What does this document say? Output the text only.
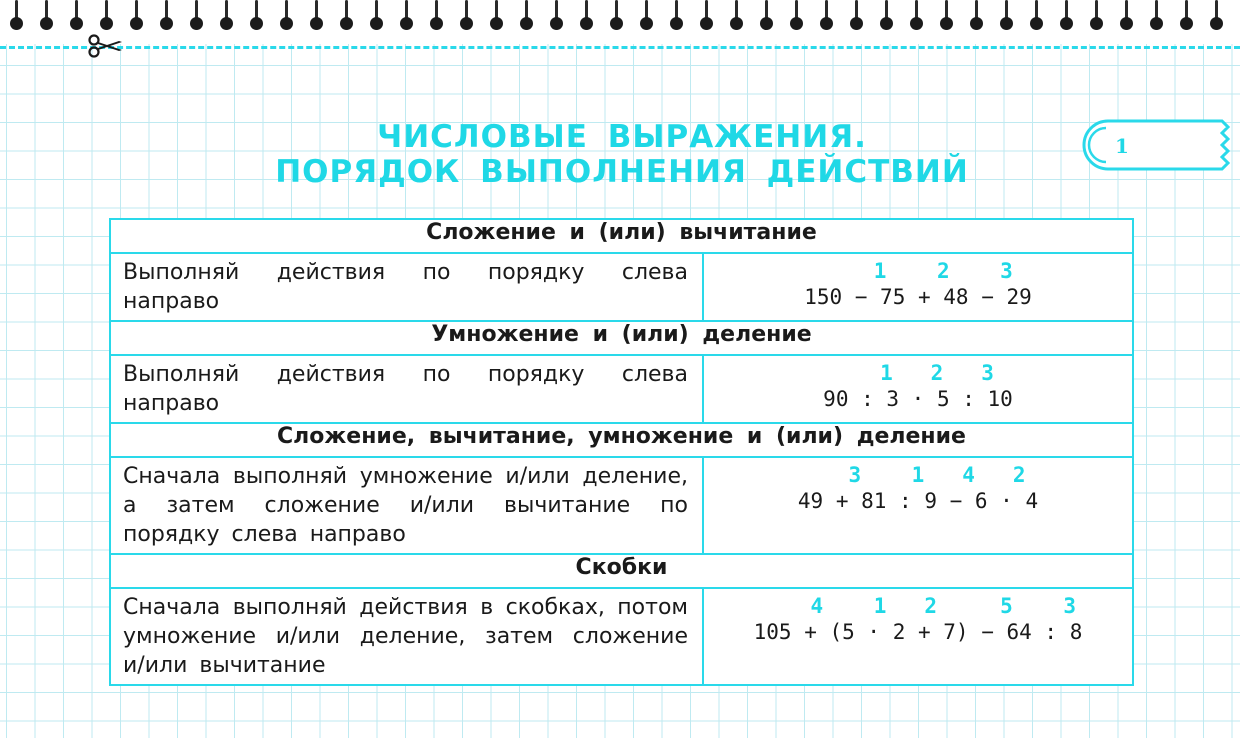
ЧИСЛОВЫЕ ВЫРАЖЕНИЯ.
ПОРЯДОК ВЫПОЛНЕНИЯ ДЕЙСТВИЙ
1
Сложение и (или) вычитание	
Выполняй действия по порядку слева направо	1    2    3
150 − 75 + 48 − 29

Умножение и (или) деление	
Выполняй действия по порядку слева направо	1   2   3
90 : 3 · 5 : 10

Сложение, вычитание, умножение и (или) деление	
Сначала выполняй умножение и/или деление, а затем сложение и/или вычитание по порядку слева направо	3    1   4   2
49 + 81 : 9 − 6 · 4

Скобки	
Сначала выполняй действия в скобках, потом умножение и/или деление, затем сложение и/или вычитание	4    1   2     5    3
105 + (5 · 2 + 7) − 64 : 8
